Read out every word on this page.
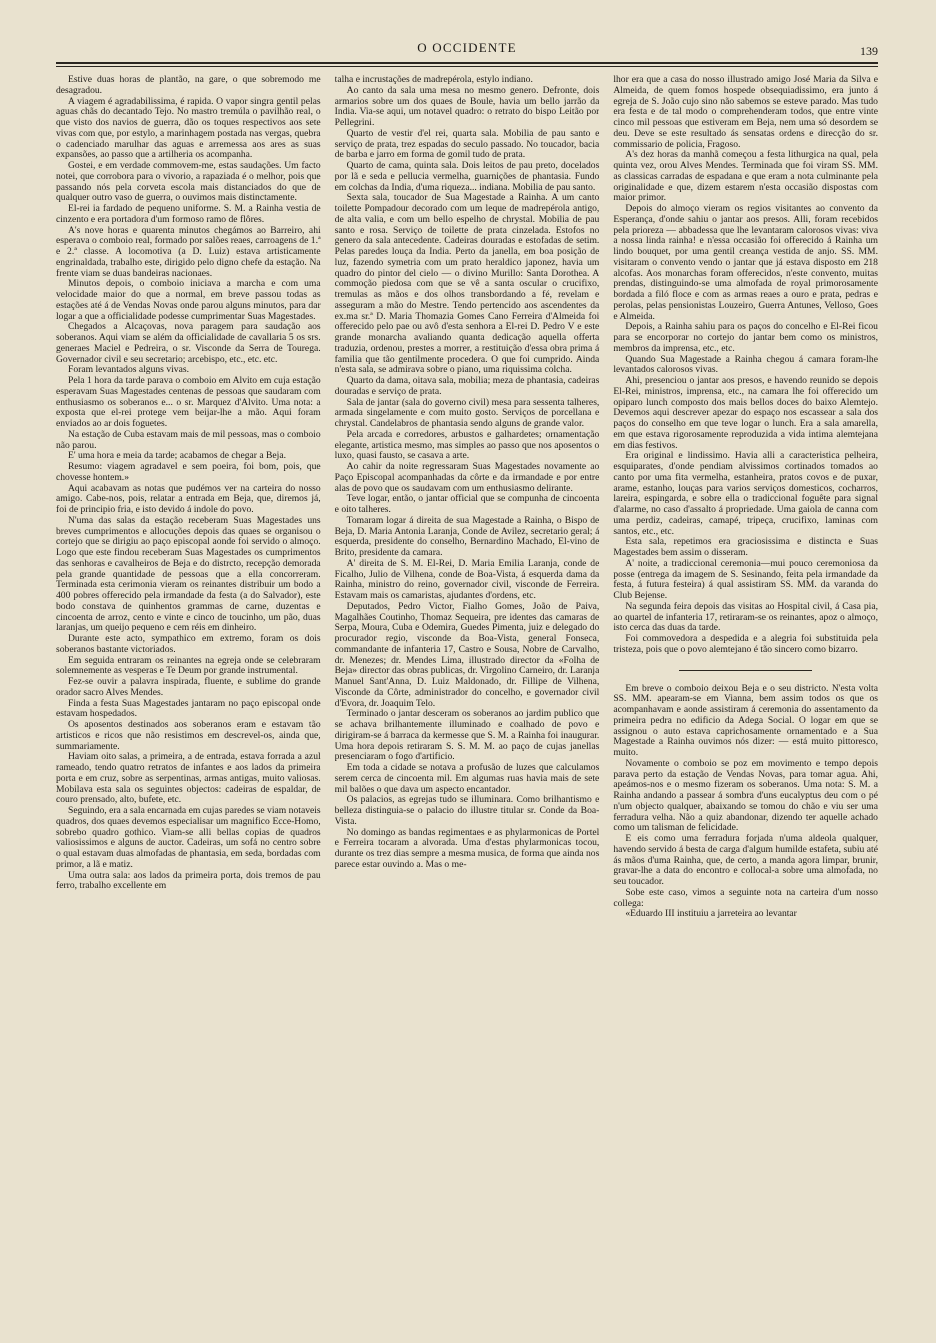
O OCCIDENTE	139

Estive duas horas de plantão, na gare, o que sobremodo me desagradou.

A viagem é agradabilissima, é rapida. O vapor singra gentil pelas aguas chãs do decantado Tejo. No mastro tremúla o pavilhão real, o que visto dos navios de guerra, dão os toques respectivos aos sete vivas com que, por estylo, a marinhagem postada nas vergas, quebra o cadenciado marulhar das aguas e arremessa aos ares as suas expansões, ao passo que a artilheria os acompanha.

Gostei, e em verdade commovem-me, estas saudações. Um facto notei, que corrobora para o vivorio, a rapaziada é o melhor, pois que passando nós pela corveta escola mais distanciados do que de qualquer outro vaso de guerra, o ouvimos mais distinctamente.

El-rei ia fardado de pequeno uniforme. S. M. a Rainha vestia de cinzento e era portadora d'um formoso ramo de flôres.

A's nove horas e quarenta minutos chegámos ao Barreiro, ahi esperava o comboio real, formado por salões reaes, carroagens de 1.ª e 2.ª classe. A locomotiva (a D. Luiz) estava artisticamente engrinaldada, trabalho este, dirigido pelo digno chefe da estação. Na frente viam se duas bandeiras nacionaes.

Minutos depois, o comboio iniciava a marcha e com uma velocidade maior do que a normal, em breve passou todas as estações até á de Vendas Novas onde parou alguns minutos, para dar logar a que a officialidade podesse cumprimentar Suas Magestades.

Chegados a Alcaçovas, nova paragem para saudação aos soberanos. Aqui viam se além da officialidade de cavallaria 5 os srs. generaes Maciel e Pedreira, o sr. Visconde da Serra de Tourega. Governador civil e seu secretario; arcebispo, etc., etc. etc.

Foram levantados alguns vivas.

Pela 1 hora da tarde parava o comboio em Alvito em cuja estação esperavam Suas Magestades centenas de pessoas que saudaram com enthusiasmo os soberanos e... o sr. Marquez d'Alvito. Uma nota: a exposta que el-rei protege vem beijar-lhe a mão. Aqui foram enviados ao ar dois foguetes.

Na estação de Cuba estavam mais de mil pessoas, mas o comboio não parou.

E' uma hora e meia da tarde; acabamos de chegar a Beja.

Resumo: viagem agradavel e sem poeira, foi bom, pois, que chovesse hontem.»

Aqui acabavam as notas que pudémos ver na carteira do nosso amigo. Cabe-nos, pois, relatar a entrada em Beja, que, diremos já, foi de principio fria, e isto devido á indole do povo.

N'uma das salas da estação receberam Suas Magestades uns breves cumprimentos e allocuções depois das quaes se organisou o cortejo que se dirigiu ao paço episcopal aonde foi servido o almoço. Logo que este findou receberam Suas Magestades os cumprimentos das senhoras e cavalheiros de Beja e do distrcto, recepção demorada pela grande quantidade de pessoas que a ella concorreram. Terminada esta cerimonia vieram os reinantes distribuir um bodo a 400 pobres offerecido pela irmandade da festa (a do Salvador), este bodo constava de quinhentos grammas de carne, duzentas e cincoenta de arroz, cento e vinte e cinco de toucinho, um pão, duas laranjas, um queijo pequeno e cem réis em dinheiro.

Durante este acto, sympathico em extremo, foram os dois soberanos bastante victoriados.

Em seguida entraram os reinantes na egreja onde se celebraram solemnemente as vesperas e Te Deum por grande instrumental.

Fez-se ouvir a palavra inspirada, fluente, e sublime do grande orador sacro Alves Mendes.

Finda a festa Suas Magestades jantaram no paço episcopal onde estavam hospedados.

Os aposentos destinados aos soberanos eram e estavam tão artisticos e ricos que não resistimos em descrevel-os, ainda que, summariamente.

Haviam oito salas, a primeira, a de entrada, estava forrada a azul rameado, tendo quatro retratos de infantes e aos lados da primeira porta e em cruz, sobre as serpentinas, armas antigas, muito valiosas. Mobilava esta sala os seguintes objectos: cadeiras de espaldar, de couro prensado, alto, bufete, etc.

Seguindo, era a sala encarnada em cujas paredes se viam notaveis quadros, dos quaes devemos especialisar um magnifico Ecce-Homo, sobrebo quadro gothico. Viam-se alli bellas copias de quadros valiosissimos e alguns de auctor. Cadeiras, um sofá no centro sobre o qual estavam duas almofadas de phantasia, em seda, bordadas com primor, a lã e matiz.

Uma outra sala: aos lados da primeira porta, dois tremos de pau ferro, trabalho excellente em

talha e incrustações de madrepérola, estylo indiano.

Ao canto da sala uma mesa no mesmo genero. Defronte, dois armarios sobre um dos quaes de Boule, havia um bello jarrão da India. Via-se aqui, um notavel quadro: o retrato do bispo Leitão por Pellegrini.

Quarto de vestir d'el rei, quarta sala. Mobilia de pau santo e serviço de prata, trez espadas do seculo passado. No toucador, bacia de barba e jarro em forma de gomil tudo de prata.

Quarto de cama, quinta sala. Dois leitos de pau preto, docelados por lã e seda e pellucia vermelha, guarnições de phantasia. Fundo em colchas da India, d'uma riqueza... indiana. Mobilia de pau santo.

Sexta sala, toucador de Sua Magestade a Rainha. A um canto toilette Pompadour decorado com um leque de madrepérola antigo, de alta valia, e com um bello espelho de chrystal. Mobilia de pau santo e rosa. Serviço de toilette de prata cinzelada. Estofos no genero da sala antecedente. Cadeiras douradas e estofadas de setim. Pelas paredes louça da India. Perto da janella, em boa posição de luz, fazendo symetria com um prato heraldico japonez, havia um quadro do pintor del cielo — o divino Murillo: Santa Dorothea. A commoção piedosa com que se vê a santa oscular o crucifixo, tremulas as mãos e dos olhos transbordando a fé, revelam e asseguram a mão do Mestre. Tendo pertencido aos ascendentes da ex.ma sr.ª D. Maria Thomazia Gomes Cano Ferreira d'Almeida foi offerecido pelo pae ou avô d'esta senhora a El-rei D. Pedro V e este grande monarcha avaliando quanta dedicação aquella offerta traduzia, ordenou, prestes a morrer, a restituição d'essa obra prima á familia que tão gentilmente procedera. O que foi cumprido. Ainda n'esta sala, se admirava sobre o piano, uma riquissima colcha.

Quarto da dama, oitava sala, mobilia; meza de phantasia, cadeiras douradas e serviço de prata.

Sala de jantar (sala do governo civil) mesa para sessenta talheres, armada singelamente e com muito gosto. Serviços de porcellana e chrystal. Candelabros de phantasia sendo alguns de grande valor.

Pela arcada e corredores, arbustos e galhardetes; ornamentação elegante, artistica mesmo, mas simples ao passo que nos aposentos o luxo, quasi fausto, se casava a arte.

Ao cahir da noite regressaram Suas Magestades novamente ao Paço Episcopal acompanhadas da côrte e da irmandade e por entre alas de povo que os saudavam com um enthusiasmo delirante.

Teve logar, então, o jantar official que se compunha de cincoenta e oito talheres.

Tomaram logar á direita de sua Magestade a Rainha, o Bispo de Beja, D. Maria Antonia Laranja, Conde de Avilez, secretario geral; á esquerda, presidente do conselho, Bernardino Machado, El-vino de Brito, presidente da camara.

A' direita de S. M. El-Rei, D. Maria Emilia Laranja, conde de Ficalho, Julio de Vilhena, conde de Boa-Vista, á esquerda dama da Rainha, ministro do reino, governador civil, visconde de Ferreira. Estavam mais os camaristas, ajudantes d'ordens, etc.

Deputados, Pedro Victor, Fialho Gomes, João de Paiva, Magalhães Coutinho, Thomaz Sequeira, pre identes das camaras de Serpa, Moura, Cuba e Odemira, Guedes Pimenta, juiz e delegado do procurador regio, visconde da Boa-Vista, general Fonseca, commandante de infanteria 17, Castro e Sousa, Nobre de Carvalho, dr. Menezes; dr. Mendes Lima, illustrado director da «Folha de Beja» director das obras publicas, dr. Virgolino Carneiro, dr. Laranja Manuel Sant'Anna, D. Luiz Maldonado, dr. Fillipe de Vilhena, Visconde da Côrte, administrador do concelho, e governador civil d'Evora, dr. Joaquim Telo.

Terminado o jantar desceram os soberanos ao jardim publico que se achava brilhantemente illuminado e coalhado de povo e dirigiram-se á barraca da kermesse que S. M. a Rainha foi inaugurar. Uma hora depois retiraram S. S. M. M. ao paço de cujas janellas presenciaram o fogo d'artificio.

Em toda a cidade se notava a profusão de luzes que calculamos serem cerca de cincoenta mil. Em algumas ruas havia mais de sete mil balões o que dava um aspecto encantador.

Os palacios, as egrejas tudo se illuminara. Como brilhantismo e belleza distinguia-se o palacio do illustre titular sr. Conde da Boa-Vista.

No domingo as bandas regimentaes e as phylarmonicas de Portel e Ferreira tocaram a alvorada. Uma d'estas phylarmonicas tocou, durante os trez dias sempre a mesma musica, de forma que ainda nos parece estar ouvindo a. Mas o me-

lhor era que a casa do nosso illustrado amigo José Maria da Silva e Almeida, de quem fomos hospede obsequiadissimo, era junto á egreja de S. João cujo sino não sabemos se esteve parado. Mas tudo era festa e de tal modo o comprehenderam todos, que entre vinte cinco mil pessoas que estiveram em Beja, nem uma só desordem se deu. Deve se este resultado ás sensatas ordens e direcção do sr. commissario de policia, Fragoso.

A's dez horas da manhã começou a festa lithurgica na qual, pela quinta vez, orou Alves Mendes. Terminada que foi viram SS. MM. as classicas carradas de espadana e que eram a nota culminante pela originalidade e que, dizem estarem n'esta occasião dispostas com maior primor.

Depois do almoço vieram os regios visitantes ao convento da Esperança, d'onde sahiu o jantar aos presos. Alli, foram recebidos pela prioreza — abbadessa que lhe levantaram calorosos vivas: viva a nossa linda rainha! e n'essa occasião foi offerecido á Rainha um lindo bouquet, por uma gentil creança vestida de anjo. SS. MM. visitaram o convento vendo o jantar que já estava disposto em 218 alcofas. Aos monarchas foram offerecidos, n'este convento, muitas prendas, distinguindo-se uma almofada de royal primorosamente bordada a filó floce e com as armas reaes a ouro e prata, pedras e perolas, pelas pensionistas Louzeiro, Guerra Antunes, Velloso, Goes e Almeida.

Depois, a Rainha sahiu para os paços do concelho e El-Rei ficou para se encorporar no cortejo do jantar bem como os ministros, membros da imprensa, etc., etc.

Quando Sua Magestade a Rainha chegou á camara foram-lhe levantados calorosos vivas.

Ahi, presenciou o jantar aos presos, e havendo reunido se depois El-Rei, ministros, imprensa, etc., na camara lhe foi offerecido um opiparo lunch composto dos mais bellos doces do baixo Alemtejo. Devemos aqui descrever apezar do espaço nos escassear a sala dos paços do conselho em que teve logar o lunch. Era a sala amarella, em que estava rigorosamente reproduzida a vida intima alemtejana em dias festivos.

Era original e lindissimo. Havia alli a caracteristica pelheira, esquiparates, d'onde pendiam alvissimos cortinados tomados ao canto por uma fita vermelha, estanheira, pratos covos e de puxar, arame, estanho, louças para varios serviços domesticos, cocharros, lareira, espingarda, e sobre ella o tradiccional foguête para signal d'alarme, no caso d'assalto á propriedade. Uma gaiola de canna com uma perdiz, cadeiras, camapé, tripeça, crucifixo, laminas com santos, etc., etc.

Esta sala, repetimos era graciosissima e distincta e Suas Magestades bem assim o disseram.

A' noite, a tradiccional ceremonia—mui pouco ceremoniosa da posse (entrega da imagem de S. Sesinando, feita pela irmandade da festa, á futura festeira) á qual assistiram SS. MM. da varanda do Club Bejense.

Na segunda feira depois das visitas ao Hospital civil, á Casa pia, ao quartel de infanteria 17, retiraram-se os reinantes, apoz o almoço, isto cerca das duas da tarde.

Foi commovedora a despedida e a alegria foi substituida pela tristeza, pois que o povo alemtejano é tão sincero como bizarro.

Em breve o comboio deixou Beja e o seu districto. N'esta volta SS. MM. apearam-se em Vianna, bem assim todos os que os acompanhavam e aonde assistiram á ceremonia do assentamento da primeira pedra no edificio da Adega Social. O logar em que se assignou o auto estava caprichosamente ornamentado e a Sua Magestade a Rainha ouvimos nós dizer: — está muito pittoresco, muito.

Novamente o comboio se poz em movimento e tempo depois parava perto da estação de Vendas Novas, para tomar agua. Ahi, apeámos-nos e o mesmo fizeram os soberanos. Uma nota: S. M. a Rainha andando a passear á sombra d'uns eucalyptus deu com o pé n'um objecto qualquer, abaixando se tomou do chão e viu ser uma ferradura velha. Não a quiz abandonar, dizendo ter aquelle achado como um talisman de felicidade.

E eis como uma ferradura forjada n'uma aldeola qualquer, havendo servido á besta de carga d'algum humilde estafeta, subiu até ás mãos d'uma Rainha, que, de certo, a manda agora limpar, brunir, gravar-lhe a data do encontro e collocal-a sobre uma almofada, no seu toucador.

Sobe este caso, vimos a seguinte nota na carteira d'um nosso collega:

«Eduardo III instituiu a jarreteira ao levantar
